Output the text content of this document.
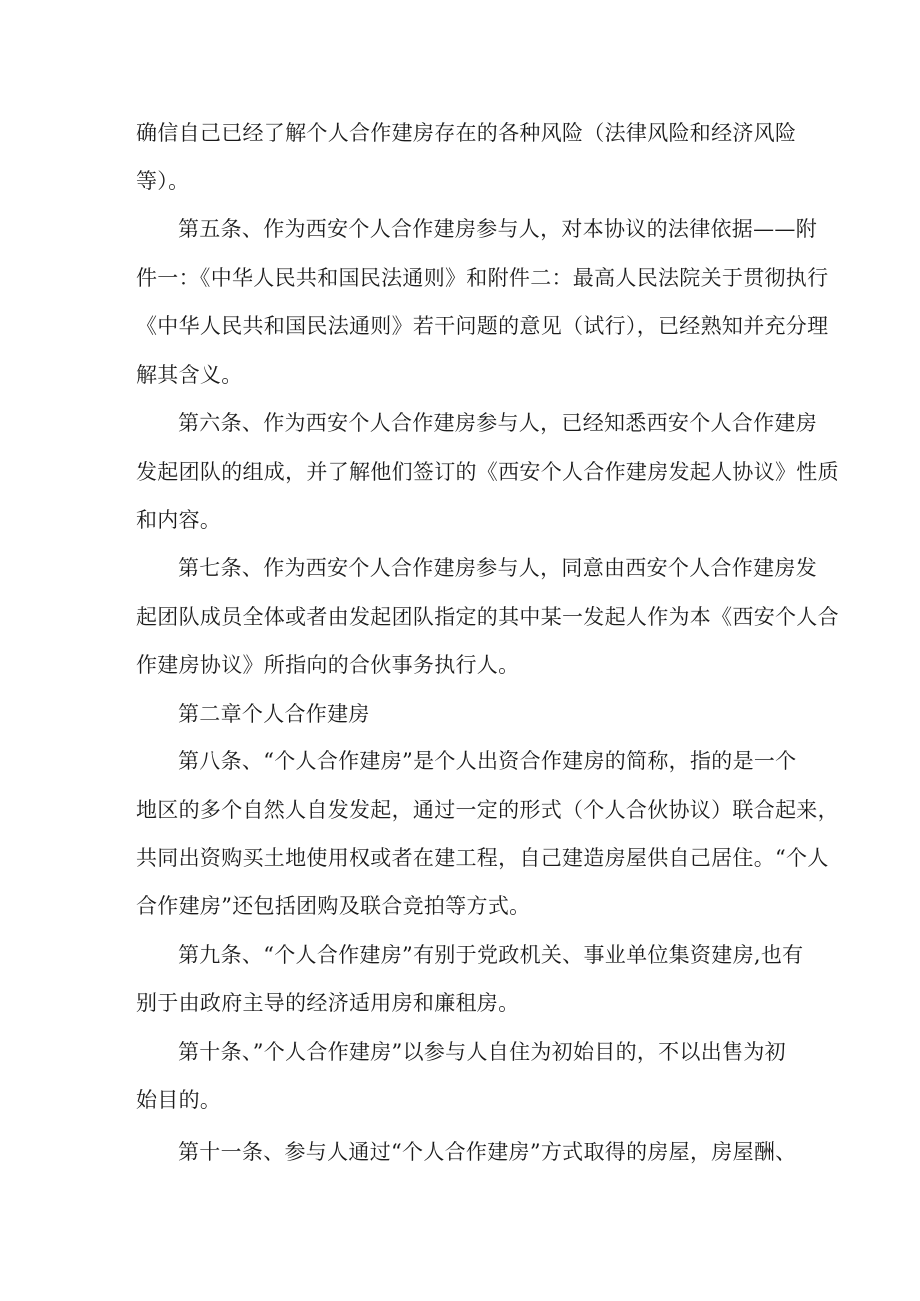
确信自己已经了解个人合作建房存在的各种风险（法律风险和经济风险
等）。
第五条、作为西安个人合作建房参与人，对本协议的法律依据——附
件一：《中华人民共和国民法通则》和附件二：最高人民法院关于贯彻执行
《中华人民共和国民法通则》若干问题的意见（试行），已经熟知并充分理
解其含义。
第六条、作为西安个人合作建房参与人，已经知悉西安个人合作建房
发起团队的组成，并了解他们签订的《西安个人合作建房发起人协议》性质
和内容。
第七条、作为西安个人合作建房参与人，同意由西安个人合作建房发
起团队成员全体或者由发起团队指定的其中某一发起人作为本《西安个人合
作建房协议》所指向的合伙事务执行人。
第二章个人合作建房
第八条、“个人合作建房”是个人出资合作建房的简称，指的是一个
地区的多个自然人自发发起，通过一定的形式（个人合伙协议）联合起来，
共同出资购买土地使用权或者在建工程，自己建造房屋供自己居住。“个人
合作建房”还包括团购及联合竞拍等方式。
第九条、“个人合作建房”有别于党政机关、事业单位集资建房,也有
别于由政府主导的经济适用房和廉租房。
第十条、”个人合作建房”以参与人自住为初始目的，不以出售为初
始目的。
第十一条、参与人通过“个人合作建房”方式取得的房屋，房屋酬、
